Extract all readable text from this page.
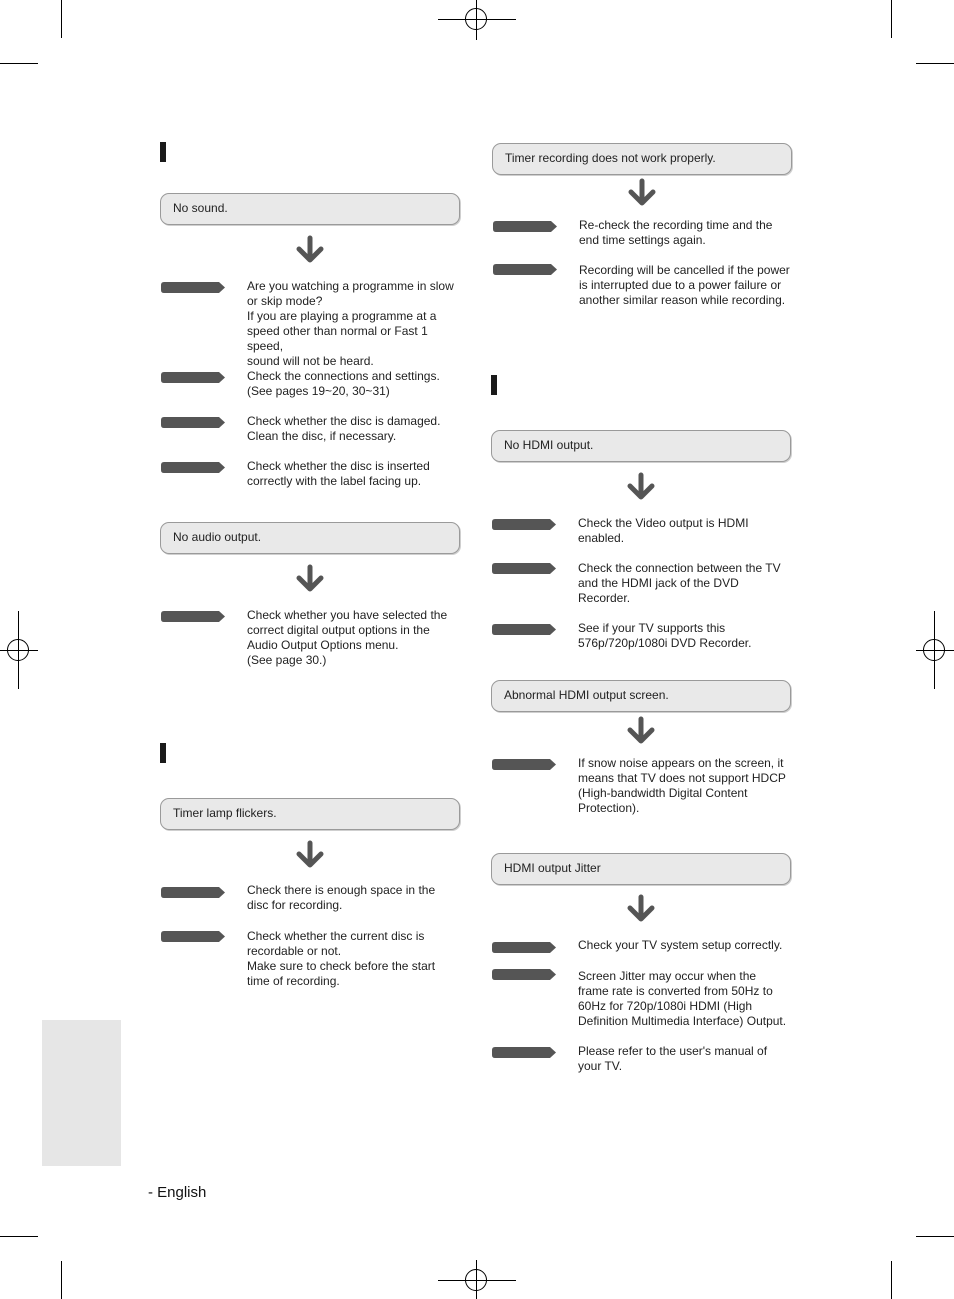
No sound.
Are you watching a programme in slow
or skip mode?
If you are playing a programme at a
speed other than normal or Fast 1 speed,
sound will not be heard.
Check the connections and settings.
(See pages 19~20, 30~31)
Check whether the disc is damaged.
Clean the disc, if necessary.
Check whether the disc is inserted
correctly with the label facing up.
No audio output.
Check whether you have selected the
correct digital output options in the
Audio Output Options menu.
(See page 30.)
Timer lamp flickers.
Check there is enough space in the
disc for recording.
Check whether the current disc is
recordable or not.
Make sure to check before the start
time of recording.
Timer recording does not work properly.
Re-check the recording time and the
end time settings again.
Recording will be cancelled if the power
is interrupted due to a power failure or
another similar reason while recording.
No HDMI output.
Check the Video output is HDMI
enabled.
Check the connection between the TV
and the HDMI jack of the DVD
Recorder.
See if your TV supports this
576p/720p/1080i DVD Recorder.
Abnormal HDMI output screen.
If snow noise appears on the screen, it
means that TV does not support HDCP
(High-bandwidth Digital Content
Protection).
HDMI output Jitter
Check your TV system setup correctly.
Screen Jitter may occur when the
frame rate is converted from 50Hz to
60Hz for 720p/1080i HDMI (High
Definition Multimedia Interface) Output.
Please refer to the user's manual of
your TV.
- English
